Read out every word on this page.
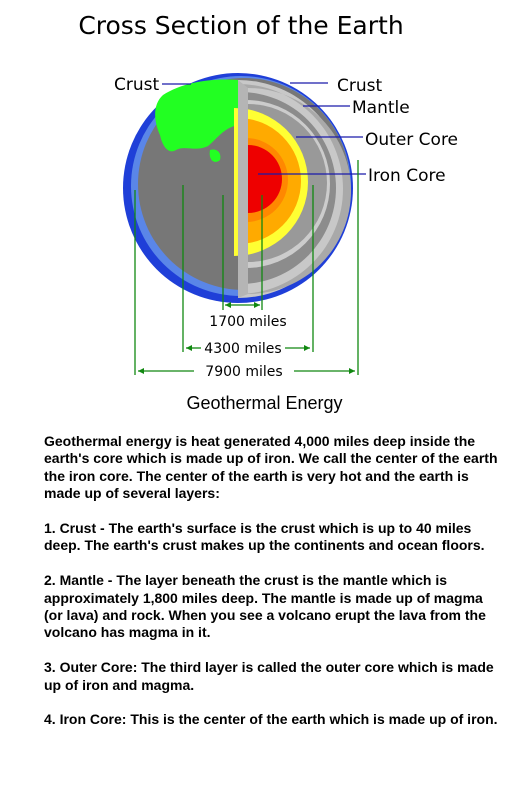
Cross Section of the Earth
Crust	Crust
Mantle
Outer Core
Iron Core
1700 miles
4300 miles
7900 miles
Geothermal Energy

Geothermal energy is heat generated 4,000 miles deep inside the earth's core which is made up of iron. We call the center of the earth the iron core. The center of the earth is very hot and the earth is made up of several layers:

1. Crust - The earth's surface is the crust which is up to 40 miles deep. The earth's crust makes up the continents and ocean floors.

2. Mantle - The layer beneath the crust is the mantle which is approximately 1,800 miles deep. The mantle is made up of magma (or lava) and rock. When you see a volcano erupt the lava from the volcano has magma in it.

3. Outer Core: The third layer is called the outer core which is made up of iron and magma.

4. Iron Core: This is the center of the earth which is made up of iron.
